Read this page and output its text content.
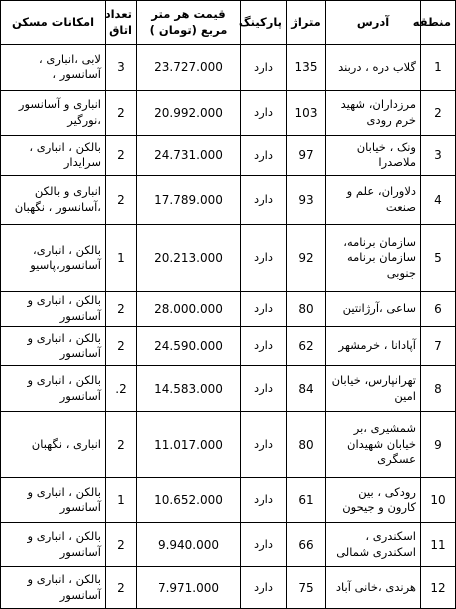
منطقه	آدرس	متراژ	پارکینگ	قیمت هر متر مربع (تومان )	تعداد اتاق	امکانات مسکن
1	گلاب دره ، دربند	135	دارد	23.727.000	3	لابی ،انباری ، آسانسور ،
2	مرزداران، شهید خرم رودی	103	دارد	20.992.000	2	انباری و آسانسور ،نورگیر
3	ونک ، خیابان ملاصدرا	97	دارد	24.731.000	2	بالکن ، انباری ، سرایدار
4	دلاوران، علم و صنعت	93	دارد	17.789.000	2	انباری و بالکن ،آسانسور ، نگهبان
5	سازمان برنامه، سازمان برنامه جنوبی	92	دارد	20.213.000	1	بالکن ، انباری، آسانسور،پاسیو
6	ساعی ،آرژانتین	80	دارد	28.000.000	2	بالکن ، انباری و آسانسور
7	آپادانا ، خرمشهر	62	دارد	24.590.000	2	بالکن ، انباری و آسانسور
8	تهرانپارس، خیابان امین	84	دارد	14.583.000	2.	بالکن ، انباری و آسانسور
9	شمشیری ،بر خیابان شهیدان عسگری	80	دارد	11.017.000	2	انباری ، نگهبان
10	رودکی ، بین کارون و جیحون	61	دارد	10.652.000	1	بالکن ، انباری و آسانسور
11	اسکندری ، اسکندری شمالی	66	دارد	9.940.000	2	بالکن ، انباری و آسانسور
12	هرندی ،خانی آباد	75	دارد	7.971.000	2	بالکن ، انباری و آسانسور
